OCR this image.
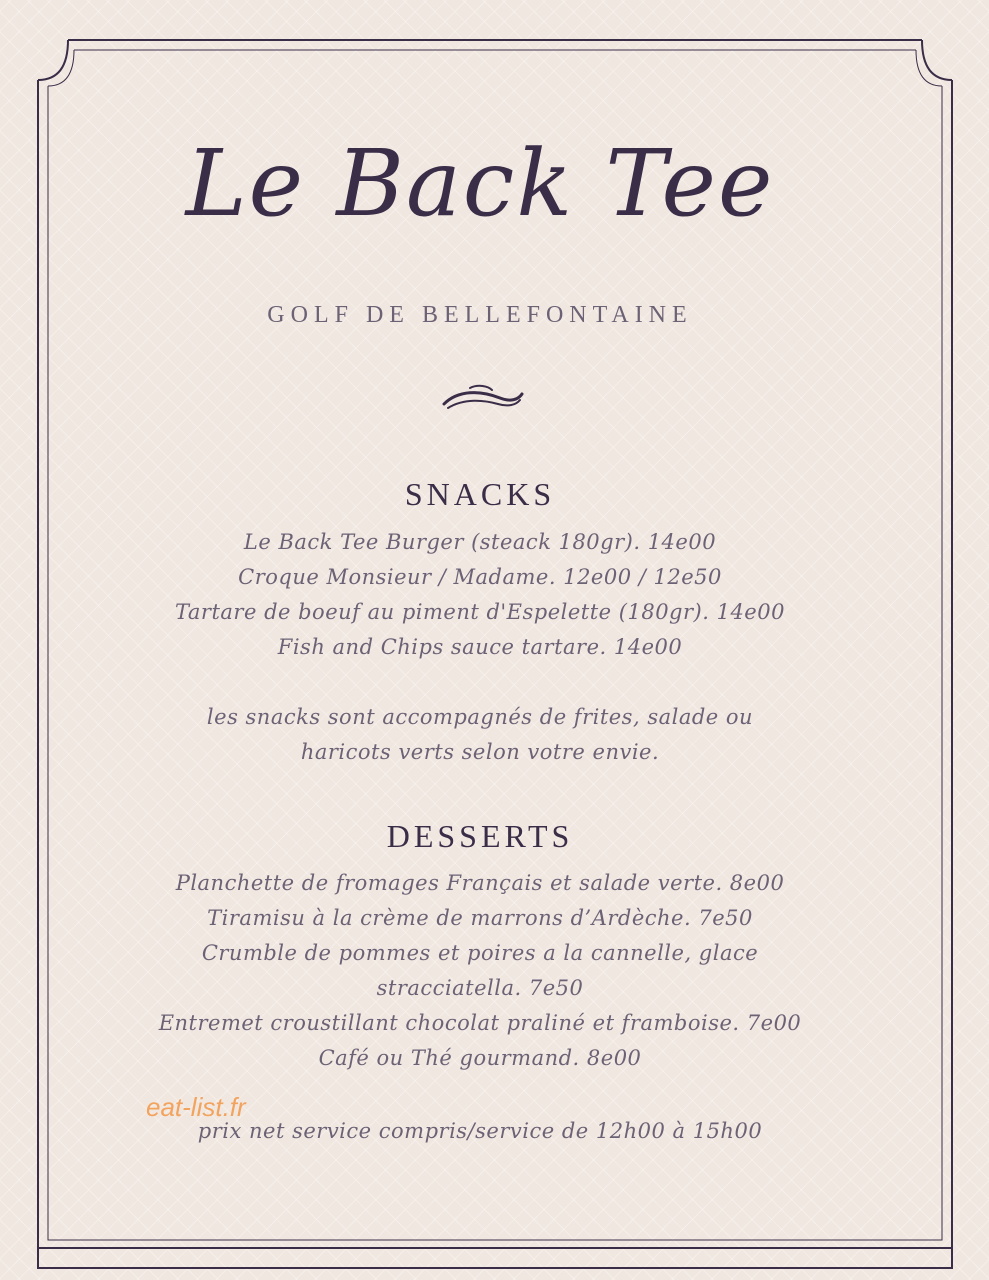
Le Back Tee
GOLF DE BELLEFONTAINE
SNACKS
Le Back Tee Burger (steack 180gr). 14e00
Croque Monsieur / Madame. 12e00 / 12e50
Tartare de boeuf au piment d'Espelette (180gr). 14e00
Fish and Chips sauce tartare. 14e00
les snacks sont accompagnés de frites, salade ou
haricots verts selon votre envie.
DESSERTS
Planchette de fromages Français et salade verte. 8e00
Tiramisu à la crème de marrons d’Ardèche. 7e50
Crumble de pommes et poires a la cannelle, glace
stracciatella. 7e50
Entremet croustillant chocolat praliné et framboise. 7e00
Café ou Thé gourmand. 8e00
prix net service compris/service de 12h00 à 15h00
eat-list.fr
